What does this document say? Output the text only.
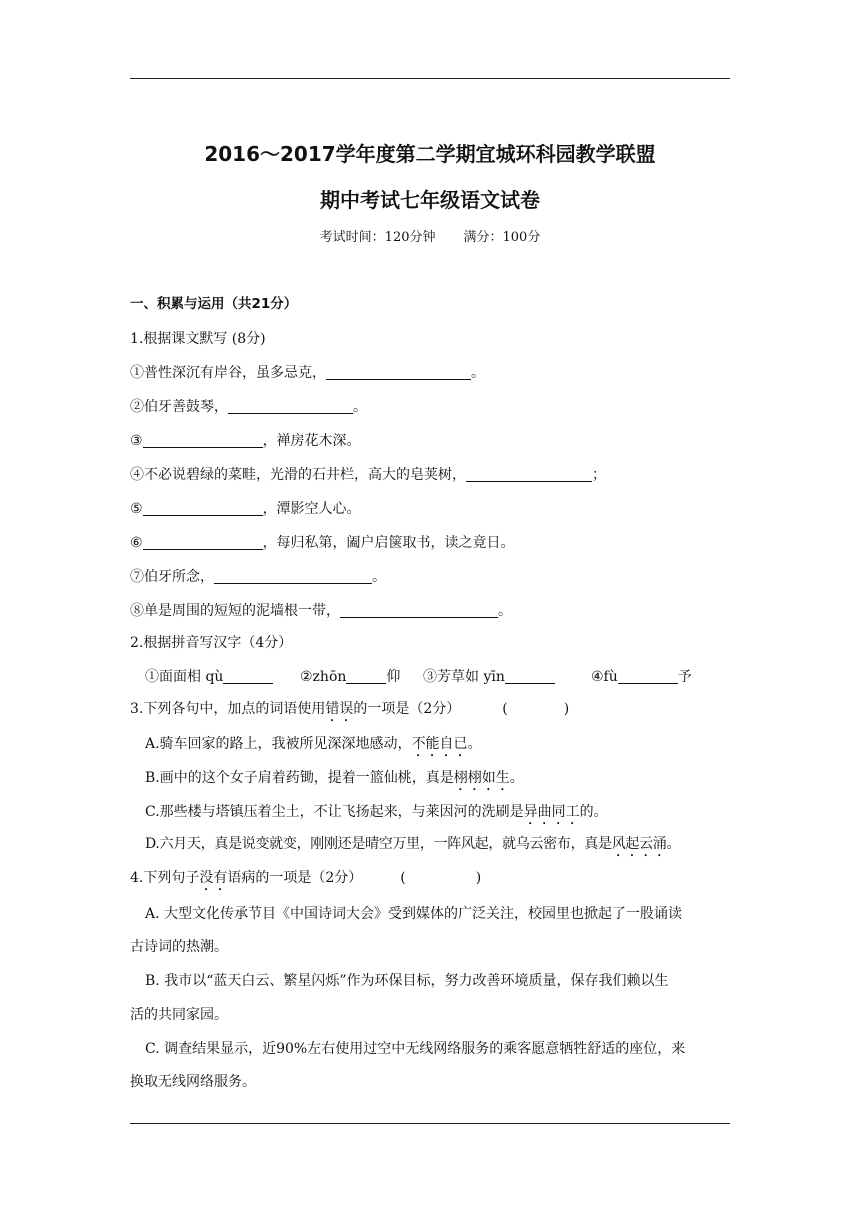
2016～2017学年度第二学期宜城环科园教学联盟
期中考试七年级语文试卷
考试时间：120分钟 满分：100分
一、积累与运用（共21分）
1.根据课文默写 (8分)
①普性深沉有岸谷，虽多忌克，	。
②伯牙善鼓琴，	。
③	，禅房花木深。
④不必说碧绿的菜畦，光滑的石井栏，高大的皂荚树，	；
⑤	，潭影空人心。
⑥	，每归私第，阖户启箧取书，读之竟日。
⑦伯牙所念，	。
⑧单是周围的短短的泥墙根一带，	。
2.根据拼音写汉字（4分）
①面面相 qù	②zhōn	仰 ③芳草如 yīn	④fù	予
3.下列各句中，加点的词语使用错误的一项是（2分）	(　　　　)
A.骑车回家的路上，我被所见深深地感动，不能自已。
B.画中的这个女子肩着药锄，提着一篮仙桃，真是栩栩如生。
C.那些楼与塔镇压着尘土，不让飞扬起来，与莱因河的洗刷是异曲同工的。
D.六月天，真是说变就变，刚刚还是晴空万里，一阵风起，就乌云密布，真是风起云涌。
4.下列句子没有语病的一项是（2分）	(　　　　　)
A. 大型文化传承节目《中国诗词大会》受到媒体的广泛关注，校园里也掀起了一股诵读
古诗词的热潮。
B. 我市以“蓝天白云、繁星闪烁”作为环保目标，努力改善环境质量，保存我们赖以生
活的共同家园。
C. 调查结果显示，近90%左右使用过空中无线网络服务的乘客愿意牺牲舒适的座位，来
换取无线网络服务。
